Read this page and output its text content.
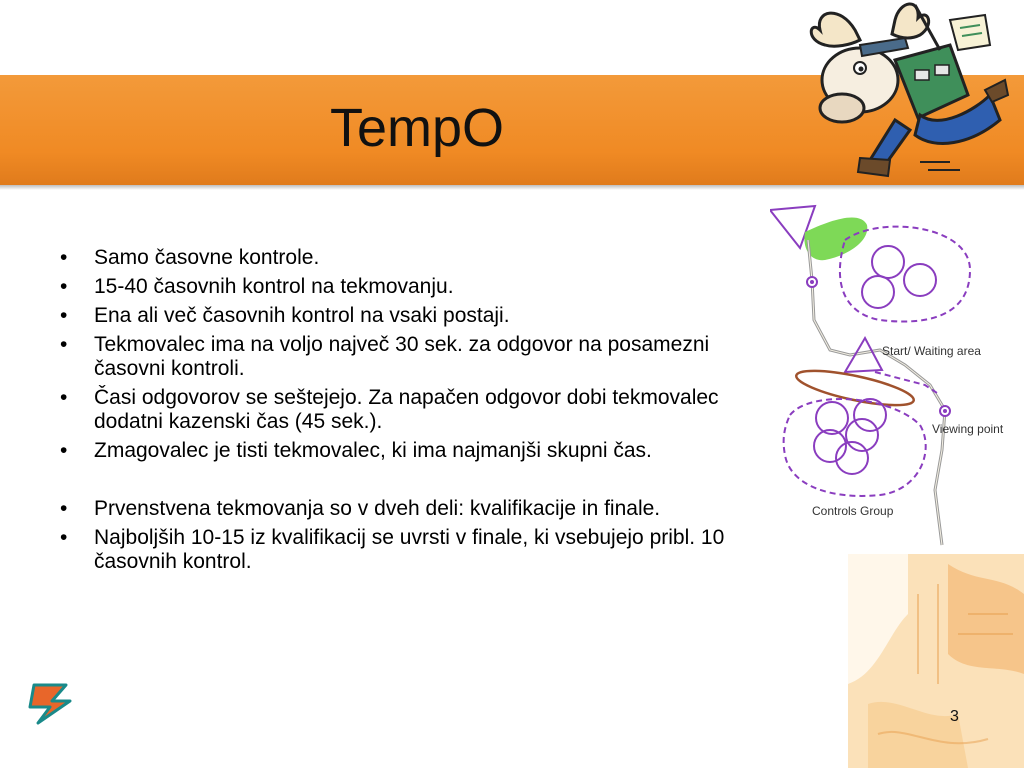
TempO
• Samo časovne kontrole.
• 15-40 časovnih kontrol na tekmovanju.
• Ena ali več časovnih kontrol na vsaki postaji.
• Tekmovalec ima na voljo največ 30 sek. za odgovor na posamezni časovni kontroli.
• Časi odgovorov se seštejejo. Za napačen odgovor dobi tekmovalec dodatni kazenski čas (45 sek.).
• Zmagovalec je tisti tekmovalec, ki ima najmanjši skupni čas.
• Prvenstvena tekmovanja so v dveh deli: kvalifikacije in finale.
• Najboljših 10-15 iz kvalifikacij se uvrsti v finale, ki vsebujejo pribl. 10 časovnih kontrol.
Start/ Waiting area
Viewing point
Controls Group
3
